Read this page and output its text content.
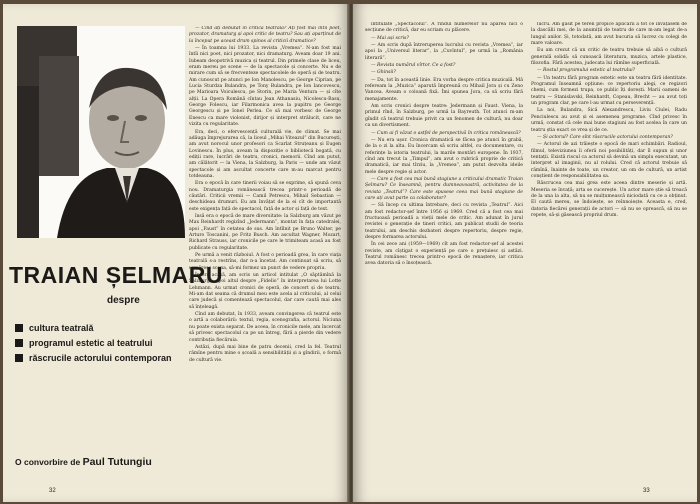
— Cînd ați debutat în critica teatrală? Ați fost mai întîi poet, prozator, dramaturg și apoi critic de teatru? Sau ați aparținut de la început pe aceast drum spinos al criticii dramatice?

— În toamna lui 1933. La revista „Vremea”. N-am fost mai întîi nici poet, nici prozator, nici dramaturg. Aveam doar 19 ani. Iubeam deopotrivă muzica și teatrul. Din primele clase de liceu, eram mereu pe scene — de la spectacole și concerte. Nu e de mirare cum să se frecventeze spectacolele de operă și de teatru. Am cunoscut pe atunci pe Ion Manolescu, pe George Ciprian, pe Lucia Sturdza Bulandra, pe Tony Bulandra, pe Ion Iancovescu, pe Marioara Voiculescu, pe Storin, pe Maria Ventura — și cîte alții. La Opera Română cîntau Jean Athanasiu, Nicolescu-Basu, George Folescu, iar Filarmonica avea la pupitru pe George Georgescu și pe Ionel Perlea. Ce să mai vorbesc de George Enescu ca mare violonist, dirijor și interpret strălucit, care ne vizita cu regularitate.

Era, deci, o efervescență culturală vie, de climat. Se mai adăuga împrejurarea că, la liceul „Mihai Viteazul” din București, am avut norocul unor profesori ca Scarlat Struțeanu și Eugen Lovinescu. În plus, aveam la dispoziție o bibliotecă bogată, cu ediții rare, lucrări de teatru, cronici, memorii. Cînd am putut, am călătorit — la Viena, la Salzburg, la Paris — unde am văzut spectacole și am ascultat concerte care m-au marcat pentru totdeauna.

Era o epocă în care tinerii voiau să se exprime, să spună ceva nou. Dramaturgia românească trecea printr-o perioadă de căutări. Criticii vremii — Camil Petrescu, Mihail Sebastian — deschideau drumuri. Eu am învățat de la ei cît de importantă este exigența față de spectacol, față de actor și față de text.

însă era o epocă de mare diversitate: la Salzburg am văzut pe Max Reinhardt regizînd „Jedermann”, montat în fața catedralei, apoi „Faust” în cetatea de sus. Am întîlnit pe Bruno Walter, pe Arturo Toscanini, pe Fritz Busch. Am ascultat Wagner, Mozart, Richard Strauss, iar cronicile pe care le trimiteam acasă au fost publicate cu regularitate.

Pe urmă a venit războiul. A fost o perioadă grea, în care viața teatrală s-a restrîns, dar n-a încetat. Am continuat să scriu, să urmăresc scena, să-mi formez un punct de vedere propriu.

Întors acasă, am scris un articol intitulat „O săptămînă la Salzburg”, apoi altul despre „Fidelio” în interpretarea lui Lotte Lehmann. Au urmat cronici de operă, de concert și de teatru. Mi-am dat seama că drumul meu este acela al criticului, al celui care judecă și comentează spectacolul, dar care caută mai ales să înțeleagă.

Cînd am debutat, în 1933, aveam convingerea că teatrul este o artă a colaborării: textul, regia, scenografia, actorul. Niciuna nu poate exista separat. De aceea, în cronicile mele, am încercat să privesc spectacolul ca pe un întreg, fără a pierde din vedere contribuția fiecăruia.

Astăzi, după mai bine de patru decenii, cred la fel. Teatrul rămîne pentru mine o școală a sensibilității și a gîndirii, o formă de cultură vie.

TRAIAN ȘELMARU
despre
cultura teatrală
programul estetic al teatrului
răscrucile actorului contemporan
O convorbire de Paul Tutungiu
32

intitulate „Spectacolul”. A rîndul numerelor nu apărea nici o secțiune de critică, dar eu scriam cu plăcere.

— Mai ași scris?

— Am scris după întreruperea lucrului cu revista „Vremea”, iar apoi la „Universul literar”, la „Cuvîntul”, pe urmă la „România literară”.

— Revista numărul vîrtor. Ce a fost?

— Ghinsii?

— Da, tot în această linie. Era vorba despre critica muzicală. Mă refeream la „Muzica” aparută împreună cu Mihail Jora și cu Zeno Vancea. Aveam o coloană fixă. Îmi spunea Jora, ca să scriu fără menajamente.

Am scris cronici despre teatre: Jedermann și Faust. Viena, la primul rînd, în Salzburg, pe urmă la Bayreuth. Tot atunci m-am gîndit că teatrul trebuie privit ca un fenomen de cultură, nu doar ca un divertisment.

— Cum ai fi văzut o astfel de perspectivă în critica românească?

— Nu era ușor. Cronica dramatică se făcea pe atunci în grabă, de la o zi la alta. Eu încercam să scriu altfel, cu documentare, cu referințe la istoria teatrului, la marile montări europene. În 1937, cînd am trecut la „Timpul”, am avut o rubrică proprie de critică dramatică, iar mai tîrziu, la „Vremea”, am putut dezvolta ideile mele despre regie și actor.

— Care a fost cea mai bună stagiune a criticului dramatic Traian Șelmaru? Ce înseamnă, pentru dumneavoastră, activitatea de la revista „Teatrul”? Care este spusese ceea mai bună stagiune de care ați avut parte ca colaborator?

— Să încep cu ultima întrebare, deci cu revista „Teatrul”. Aici am fost redactor-șef între 1956 și 1969. Cred că a fost cea mai fructuoasă perioadă a vieții mele de critic. Am adunat în jurul revistei o generație de tineri critici, am publicat studii de teoria teatrului, am deschis dezbateri despre repertoriu, despre regie, despre formarea actorului.

În cei zece ani (1959—1969) cît am fost redactor-șef al acestei reviste, am cîștigat o experiență pe care o prețuiesc și astăzi. Teatrul românesc trecea printr-o epocă de renaștere, iar critica avea datoria să o însoțească.

lucru. Am găsit pe teren propice aplicării a tot ce învățasem de la dascălii mei, de la anumiții de teatru de care m-am legat de-a lungul anilor. Și, totodată, am avut bucuria să lucrez cu colegi de mare valoare.

Eu am crezut că un critic de teatru trebuie să aibă o cultură generală solidă: să cunoască literatura, muzica, artele plastice, filozofia. Fără acestea, judecata lui rămîne superficială.

— Rostul programului estetic al teatrului?

— Un teatru fără program estetic este un teatru fără identitate. Programul înseamnă opțiune: ce repertoriu alegi, ce regizori chemi, cum formezi trupa, ce public îți dorești. Marii oameni de teatru — Stanislavski, Reinhardt, Copeau, Brecht — au avut toți un program clar, pe care l-au urmat cu perseverență.

La noi, Bulandra, Sică Alexandrescu, Liviu Ciulei, Radu Penciulescu au avut și ei asemenea programe. Cînd privesc în urmă, constat că cele mai bune stagiuni au fost acelea în care un teatru știa exact ce vrea și de ce.

— Și actorul? Care sînt răscrucile actorului contemporan?

— Actorul de azi trăiește o epocă de mari schimbări. Radioul, filmul, televiziunea îi oferă noi posibilități, dar îl supun și unor tentații. Există riscul ca actorul să devină un simplu executant, un interpret al imaginii, nu al rolului. Cred că actorul trebuie să rămînă, înainte de toate, un creator, un om de cultură, un artist conștient de responsabilitatea sa.

Răscrucea cea mai grea este aceea dintre meserie și artă. Meseria se învață; arta se cucerește. Un actor mare știe să treacă de la una la alta, să nu se mulțumească niciodată cu ce a obținut. El caută mereu, se îndoiește, se reînnoiește. Aceasta e, cred, datoria fiecărei generații de actori — să nu se oprească, să nu se repete, să-și găsească propriul drum.

33
